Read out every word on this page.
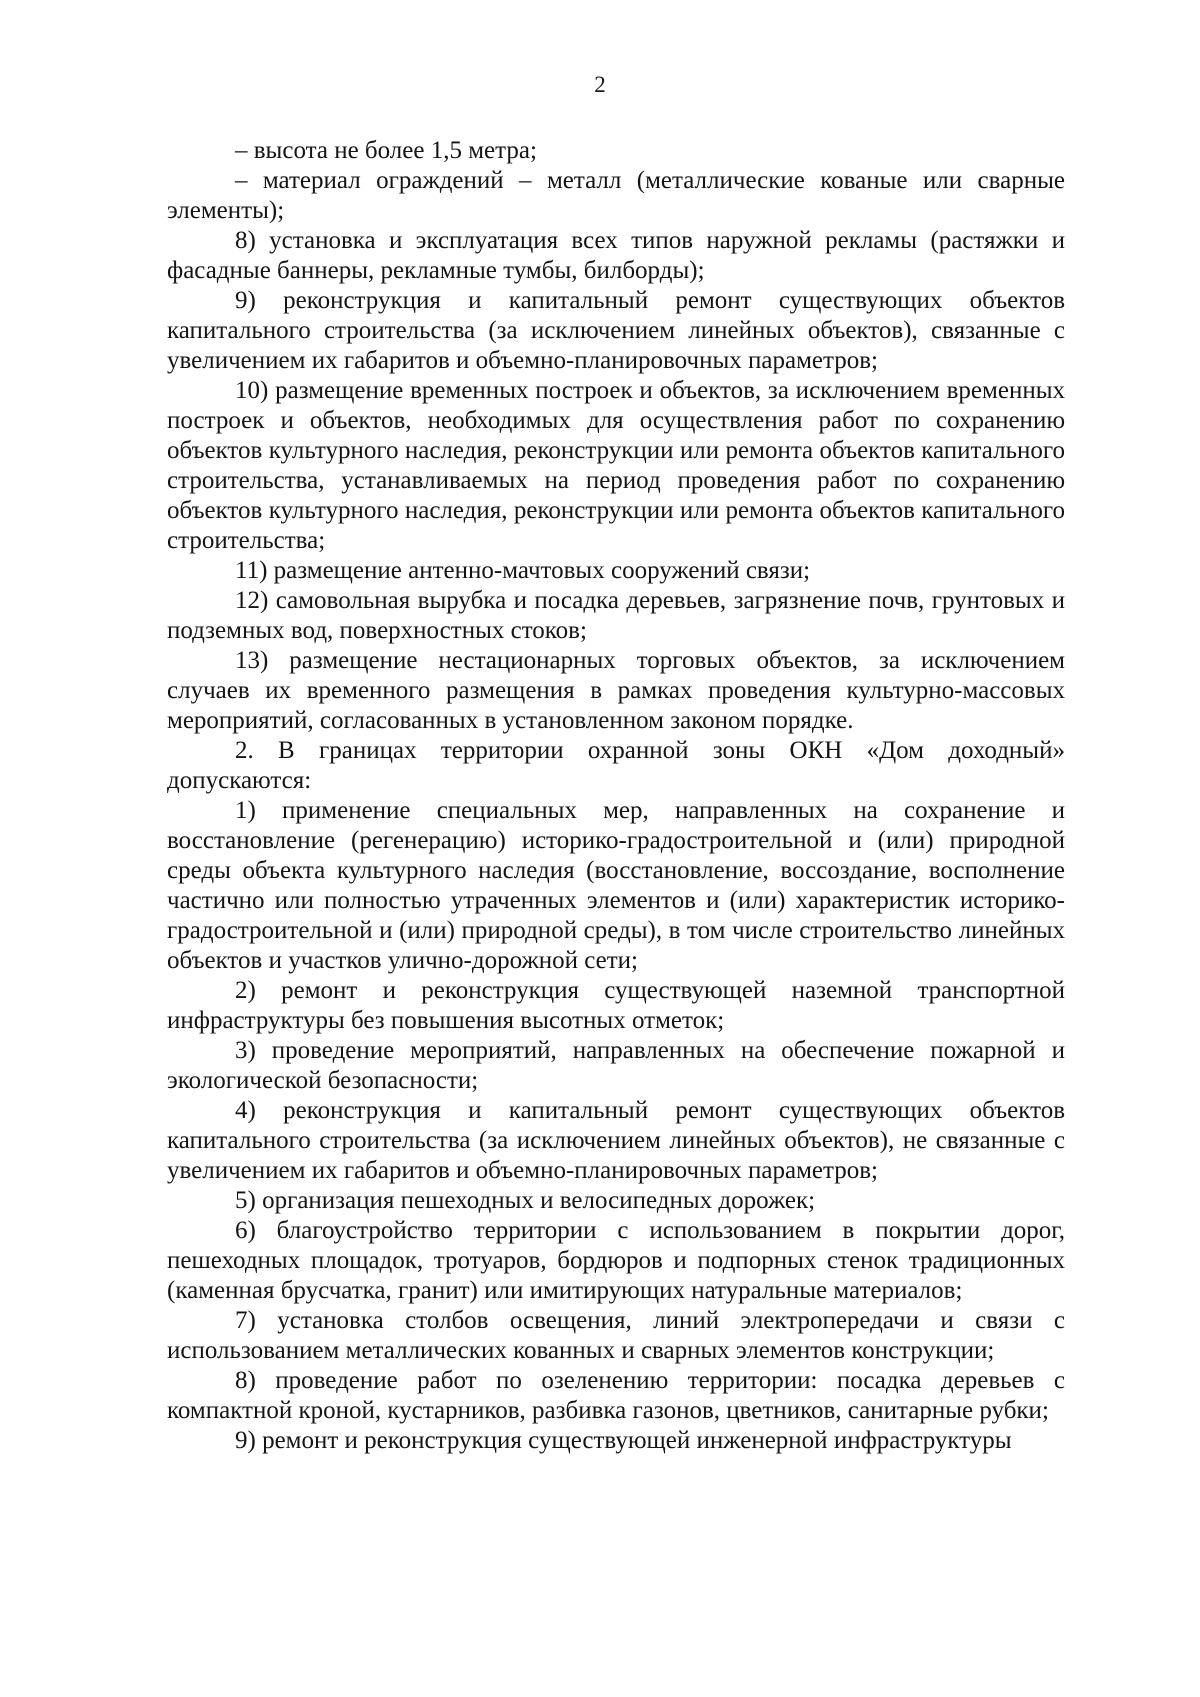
2

– высота не более 1,5 метра;

– материал ограждений – металл (металлические кованые или сварные элементы);

8) установка и эксплуатация всех типов наружной рекламы (растяжки и фасадные баннеры, рекламные тумбы, билборды);

9) реконструкция и капитальный ремонт существующих объектов капитального строительства (за исключением линейных объектов), связанные с увеличением их габаритов и объемно-планировочных параметров;

10) размещение временных построек и объектов, за исключением временных построек и объектов, необходимых для осуществления работ по сохранению объектов культурного наследия, реконструкции или ремонта объектов капитального строительства, устанавливаемых на период проведения работ по сохранению объектов культурного наследия, реконструкции или ремонта объектов капитального строительства;

11) размещение антенно-мачтовых сооружений связи;

12) самовольная вырубка и посадка деревьев, загрязнение почв, грунтовых и подземных вод, поверхностных стоков;

13) размещение нестационарных торговых объектов, за исключением случаев их временного размещения в рамках проведения культурно-массовых мероприятий, согласованных в установленном законом порядке.

2. В границах территории охранной зоны ОКН «Дом доходный» допускаются:

1) применение специальных мер, направленных на сохранение и восстановление (регенерацию) историко-градостроительной и (или) природной среды объекта культурного наследия (восстановление, воссоздание, восполнение частично или полностью утраченных элементов и (или) характеристик историко-градостроительной и (или) природной среды), в том числе строительство линейных объектов и участков улично-дорожной сети;

2) ремонт и реконструкция существующей наземной транспортной инфраструктуры без повышения высотных отметок;

3) проведение мероприятий, направленных на обеспечение пожарной и экологической безопасности;

4) реконструкция и капитальный ремонт существующих объектов капитального строительства (за исключением линейных объектов), не связанные с увеличением их габаритов и объемно-планировочных параметров;

5) организация пешеходных и велосипедных дорожек;

6) благоустройство территории с использованием в покрытии дорог, пешеходных площадок, тротуаров, бордюров и подпорных стенок традиционных (каменная брусчатка, гранит) или имитирующих натуральные материалов;

7) установка столбов освещения, линий электропередачи и связи с использованием металлических кованных и сварных элементов конструкции;

8) проведение работ по озеленению территории: посадка деревьев с компактной кроной, кустарников, разбивка газонов, цветников, санитарные рубки;

9) ремонт и реконструкция существующей инженерной инфраструктуры
